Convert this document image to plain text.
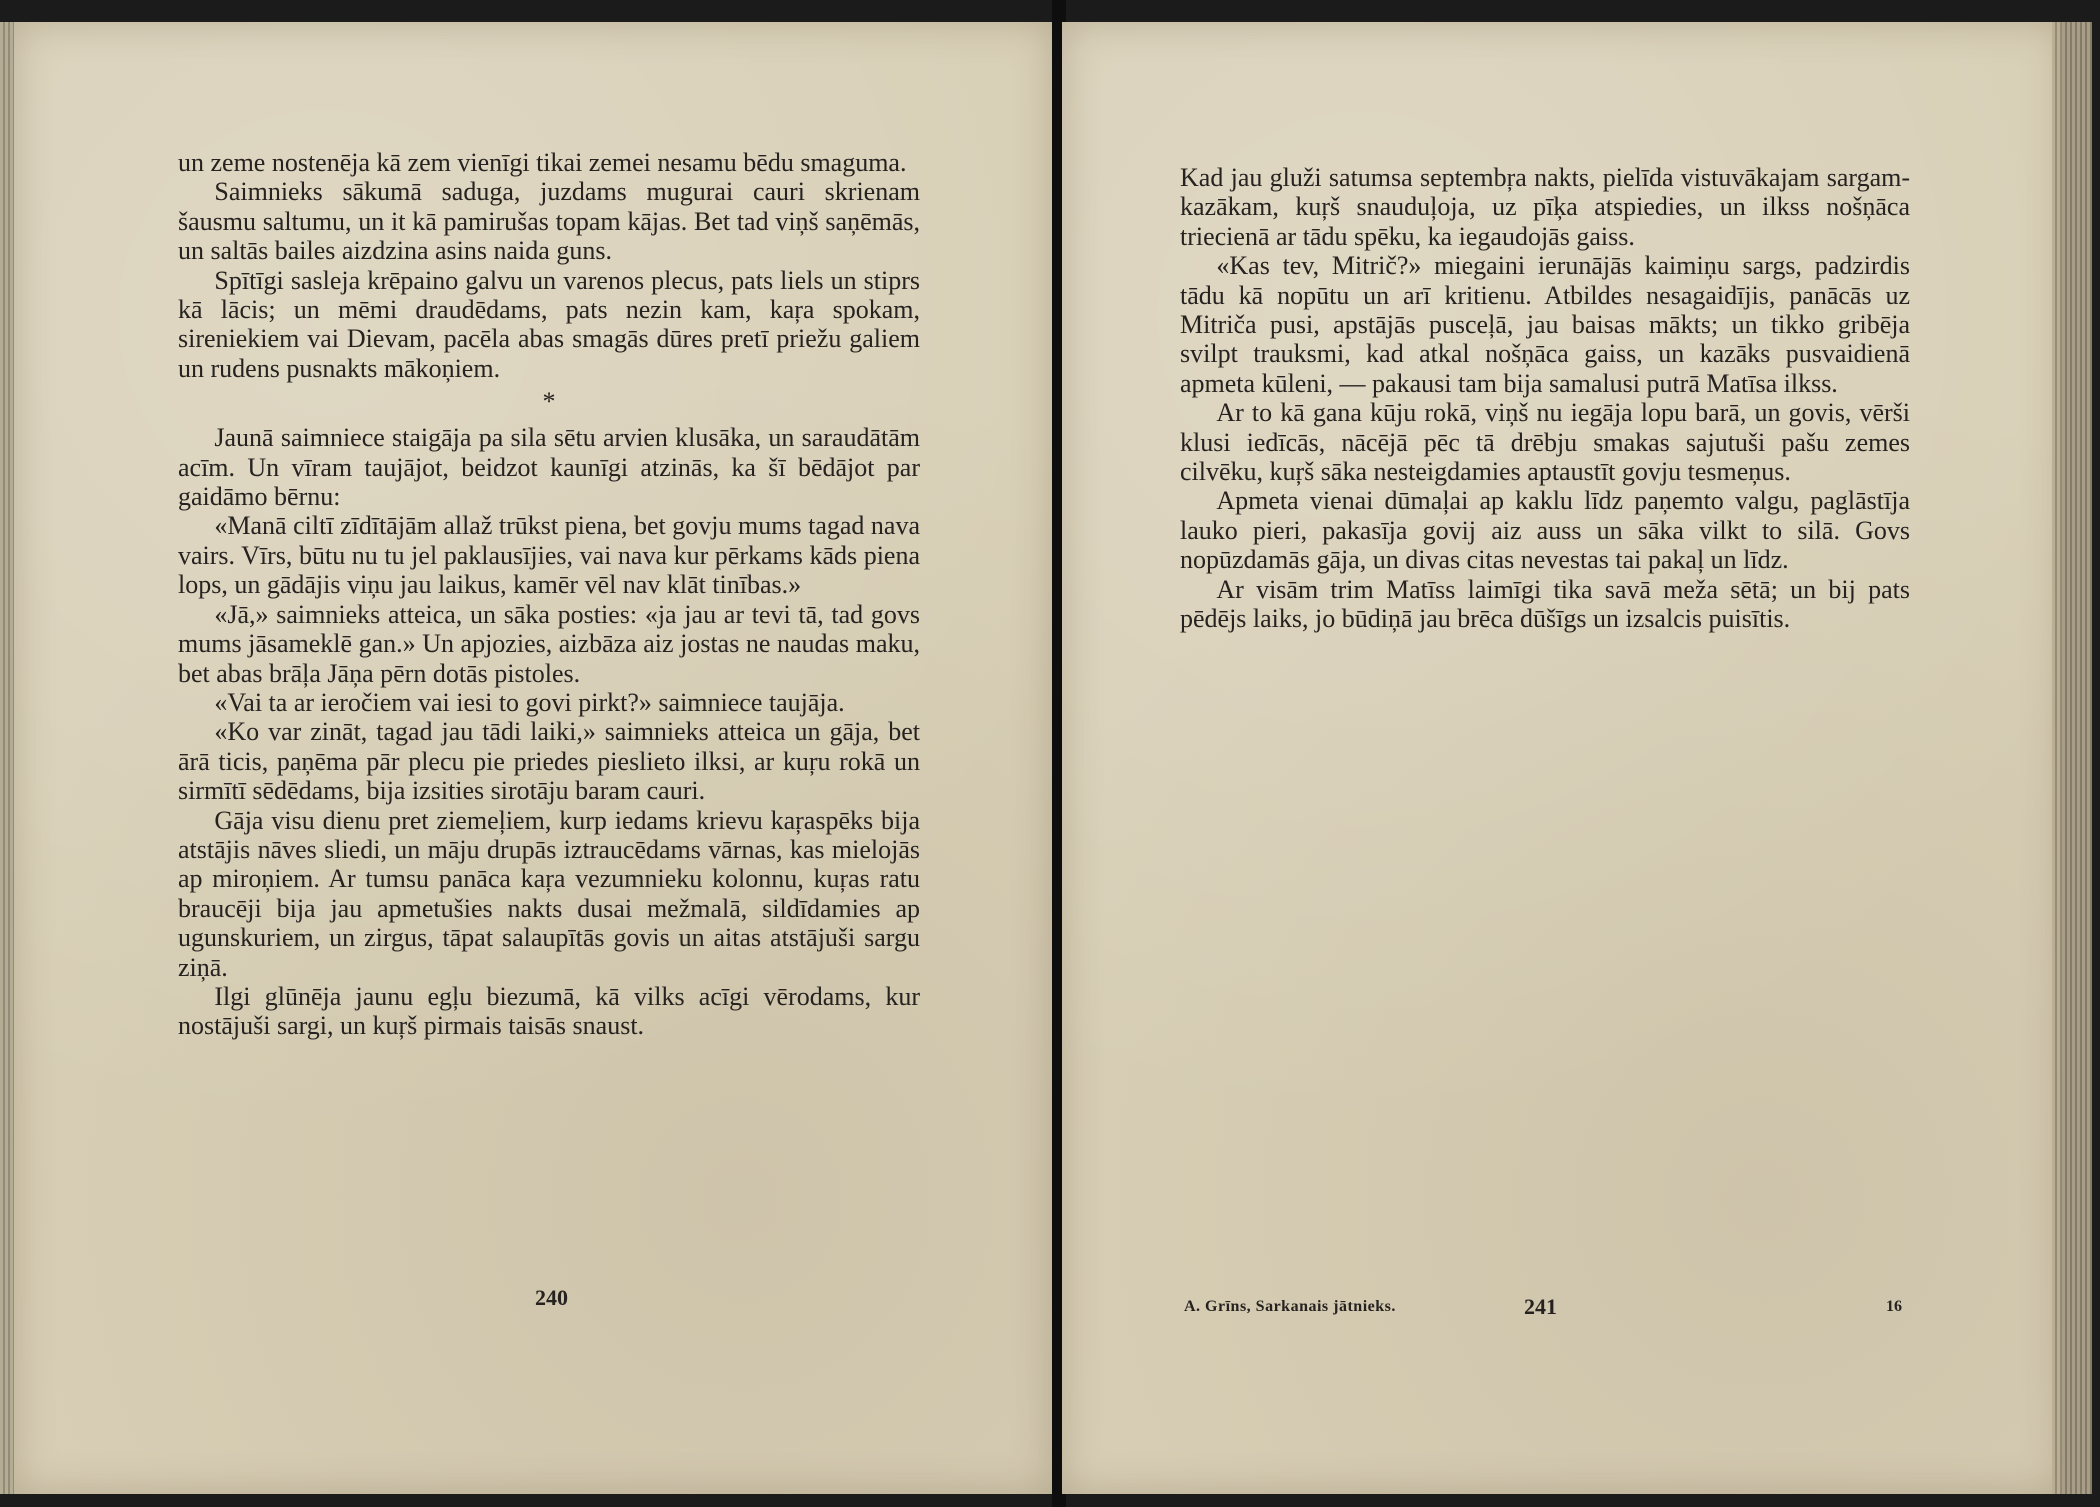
un zeme nostenēja kā zem vienīgi tikai zemei nesamu bēdu smaguma.

Saimnieks sākumā saduga, juzdams mugurai cauri skrienam šausmu saltumu, un it kā pamirušas topam kājas. Bet tad viņš saņēmās, un saltās bailes aizdzina asins naida guns.

Spītīgi sasleja krēpaino galvu un varenos plecus, pats liels un stiprs kā lācis; un mēmi draudēdams, pats nezin kam, kaŗa spokam, sireniekiem vai Dievam, pacēla abas smagās dūres pretī priežu galiem un rudens pusnakts mākoņiem.

*

Jaunā saimniece staigāja pa sila sētu arvien klusāka, un saraudātām acīm. Un vīram taujājot, beidzot kaunīgi atzinās, ka šī bēdājot par gaidāmo bērnu:

«Manā ciltī zīdītājām allaž trūkst piena, bet govju mums tagad nava vairs. Vīrs, būtu nu tu jel paklausījies, vai nava kur pērkams kāds piena lops, un gādājis viņu jau laikus, kamēr vēl nav klāt tinības.»

«Jā,» saimnieks atteica, un sāka posties: «ja jau ar tevi tā, tad govs mums jāsameklē gan.» Un apjozies, aizbāza aiz jostas ne naudas maku, bet abas brāļa Jāņa pērn dotās pistoles.

«Vai ta ar ieročiem vai iesi to govi pirkt?» saimniece taujāja.

«Ko var zināt, tagad jau tādi laiki,» saimnieks atteica un gāja, bet ārā ticis, paņēma pār plecu pie priedes pieslieto ilksi, ar kuŗu rokā un sirmītī sēdēdams, bija izsities sirotāju baram cauri.

Gāja visu dienu pret ziemeļiem, kurp iedams krievu kaŗaspēks bija atstājis nāves sliedi, un māju drupās iztraucēdams vārnas, kas mielojās ap miroņiem. Ar tumsu panāca kaŗa vezumnieku kolonnu, kuŗas ratu braucēji bija jau apmetušies nakts dusai mežmalā, sildīdamies ap ugunskuriem, un zirgus, tāpat salaupītās govis un aitas atstājuši sargu ziņā.

Ilgi glūnēja jaunu egļu biezumā, kā vilks acīgi vērodams, kur nostājuši sargi, un kuŗš pirmais taisās snaust.

240

Kad jau gluži satumsa septembŗa nakts, pielīda vistuvākajam sargam-kazākam, kuŗš snauduļoja, uz pīķa atspiedies, un ilkss nošņāca triecienā ar tādu spēku, ka iegaudojās gaiss.

«Kas tev, Mitrič?» miegaini ierunājās kaimiņu sargs, padzirdis tādu kā nopūtu un arī kritienu. Atbildes nesagaidījis, panācās uz Mitriča pusi, apstājās pusceļā, jau baisas mākts; un tikko gribēja svilpt trauksmi, kad atkal nošņāca gaiss, un kazāks pusvaidienā apmeta kūleni, — pakausi tam bija samalusi putrā Matīsa ilkss.

Ar to kā gana kūju rokā, viņš nu iegāja lopu barā, un govis, vērši klusi iedīcās, nācējā pēc tā drēbju smakas sajutuši pašu zemes cilvēku, kuŗš sāka nesteigdamies aptaustīt govju tesmeņus.

Apmeta vienai dūmaļai ap kaklu līdz paņemto valgu, paglāstīja lauko pieri, pakasīja govij aiz auss un sāka vilkt to silā. Govs nopūzdamās gāja, un divas citas nevestas tai pakaļ un līdz.

Ar visām trim Matīss laimīgi tika savā meža sētā; un bij pats pēdējs laiks, jo būdiņā jau brēca dūšīgs un izsalcis puisītis.

A. Grīns, Sarkanais jātnieks.	241	16
